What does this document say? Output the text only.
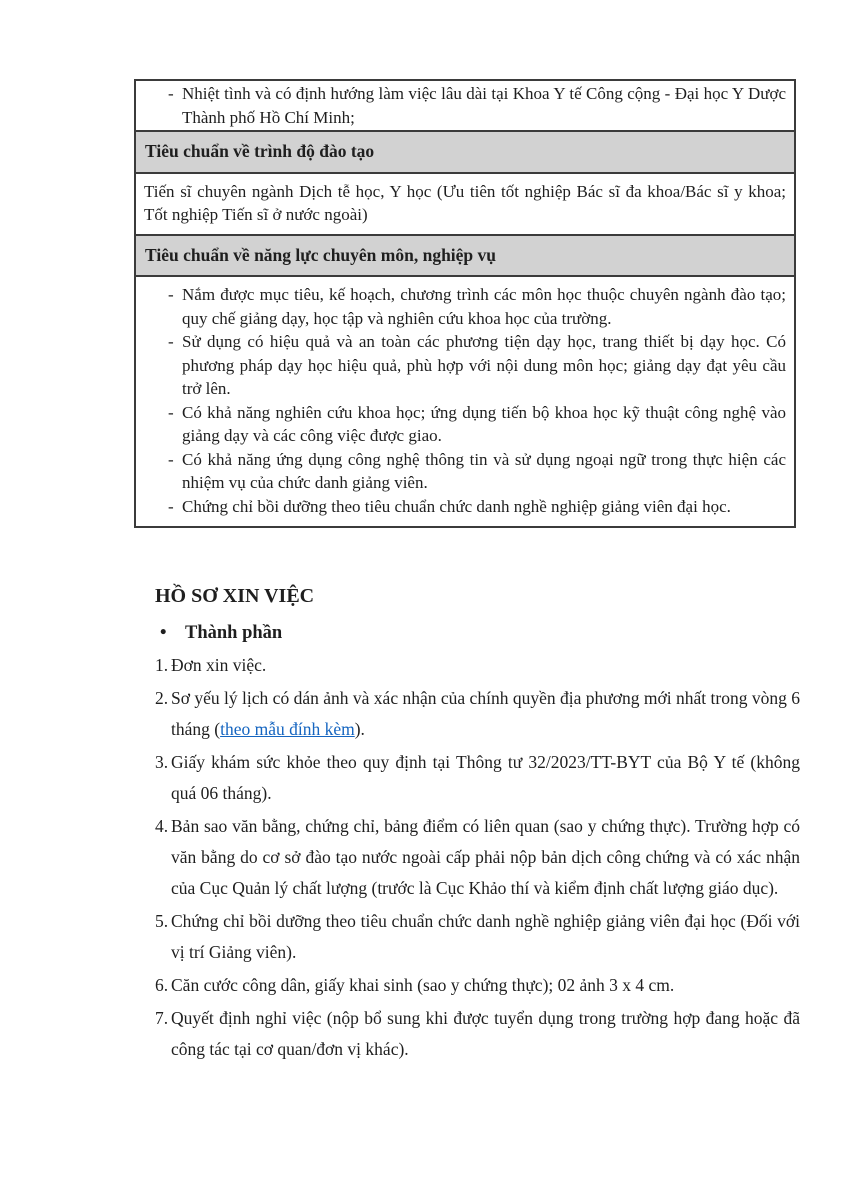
- Nhiệt tình và có định hướng làm việc lâu dài tại Khoa Y tế Công cộng - Đại học Y Dược Thành phố Hồ Chí Minh;
Tiêu chuẩn về trình độ đào tạo
Tiến sĩ chuyên ngành Dịch tễ học, Y học (Ưu tiên tốt nghiệp Bác sĩ đa khoa/Bác sĩ y khoa; Tốt nghiệp Tiến sĩ ở nước ngoài)
Tiêu chuẩn về năng lực chuyên môn, nghiệp vụ
- Nắm được mục tiêu, kế hoạch, chương trình các môn học thuộc chuyên ngành đào tạo; quy chế giảng dạy, học tập và nghiên cứu khoa học của trường.
- Sử dụng có hiệu quả và an toàn các phương tiện dạy học, trang thiết bị dạy học. Có phương pháp dạy học hiệu quả, phù hợp với nội dung môn học; giảng dạy đạt yêu cầu trở lên.
- Có khả năng nghiên cứu khoa học; ứng dụng tiến bộ khoa học kỹ thuật công nghệ vào giảng dạy và các công việc được giao.
- Có khả năng ứng dụng công nghệ thông tin và sử dụng ngoại ngữ trong thực hiện các nhiệm vụ của chức danh giảng viên.
- Chứng chỉ bồi dưỡng theo tiêu chuẩn chức danh nghề nghiệp giảng viên đại học.
HỒ SƠ XIN VIỆC
• Thành phần
1. Đơn xin việc.
2. Sơ yếu lý lịch có dán ảnh và xác nhận của chính quyền địa phương mới nhất trong vòng 6 tháng (theo mẫu đính kèm).
3. Giấy khám sức khỏe theo quy định tại Thông tư 32/2023/TT-BYT của Bộ Y tế (không quá 06 tháng).
4. Bản sao văn bằng, chứng chỉ, bảng điểm có liên quan (sao y chứng thực). Trường hợp có văn bằng do cơ sở đào tạo nước ngoài cấp phải nộp bản dịch công chứng và có xác nhận của Cục Quản lý chất lượng (trước là Cục Khảo thí và kiểm định chất lượng giáo dục).
5. Chứng chỉ bồi dưỡng theo tiêu chuẩn chức danh nghề nghiệp giảng viên đại học (Đối với vị trí Giảng viên).
6. Căn cước công dân, giấy khai sinh (sao y chứng thực); 02 ảnh 3 x 4 cm.
7. Quyết định nghỉ việc (nộp bổ sung khi được tuyển dụng trong trường hợp đang hoặc đã công tác tại cơ quan/đơn vị khác).
